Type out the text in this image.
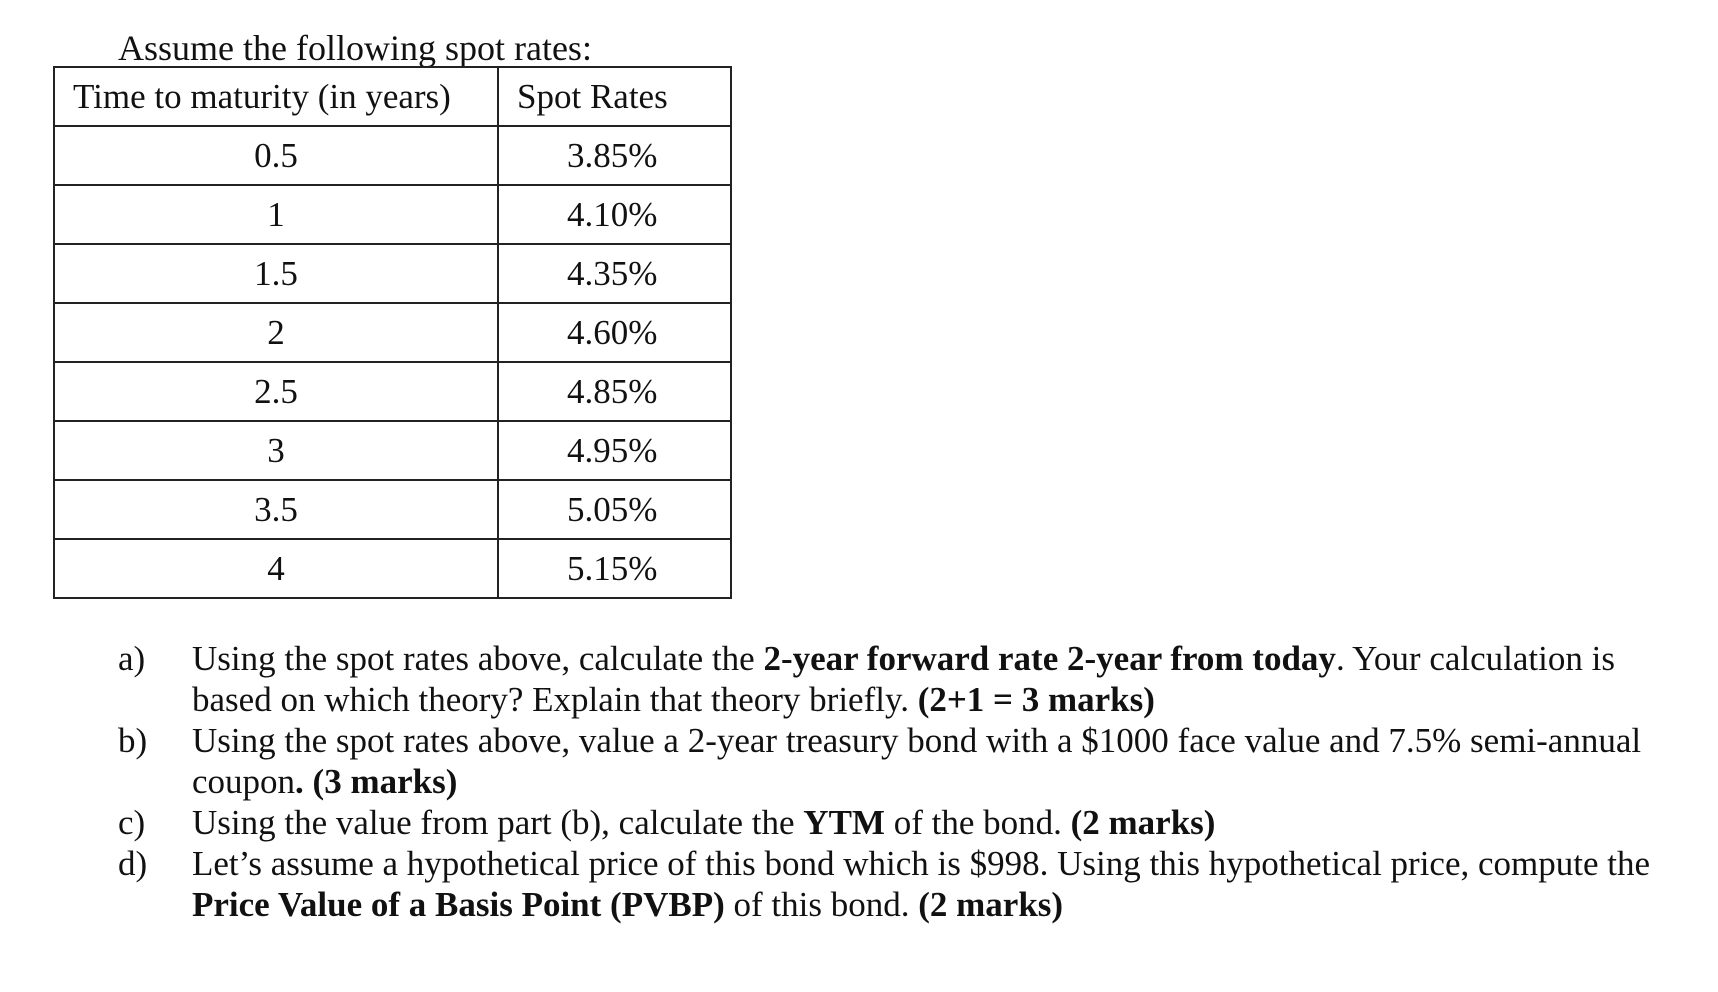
Assume the following spot rates:
Time to maturity (in years)	Spot Rates
0.5	3.85%
1	4.10%
1.5	4.35%
2	4.60%
2.5	4.85%
3	4.95%
3.5	5.05%
4	5.15%
a) Using the spot rates above, calculate the 2-year forward rate 2-year from today. Your calculation is based on which theory? Explain that theory briefly. (2+1 = 3 marks)
b) Using the spot rates above, value a 2-year treasury bond with a $1000 face value and 7.5% semi-annual coupon. (3 marks)
c) Using the value from part (b), calculate the YTM of the bond. (2 marks)
d) Let’s assume a hypothetical price of this bond which is $998. Using this hypothetical price, compute the Price Value of a Basis Point (PVBP) of this bond. (2 marks)
